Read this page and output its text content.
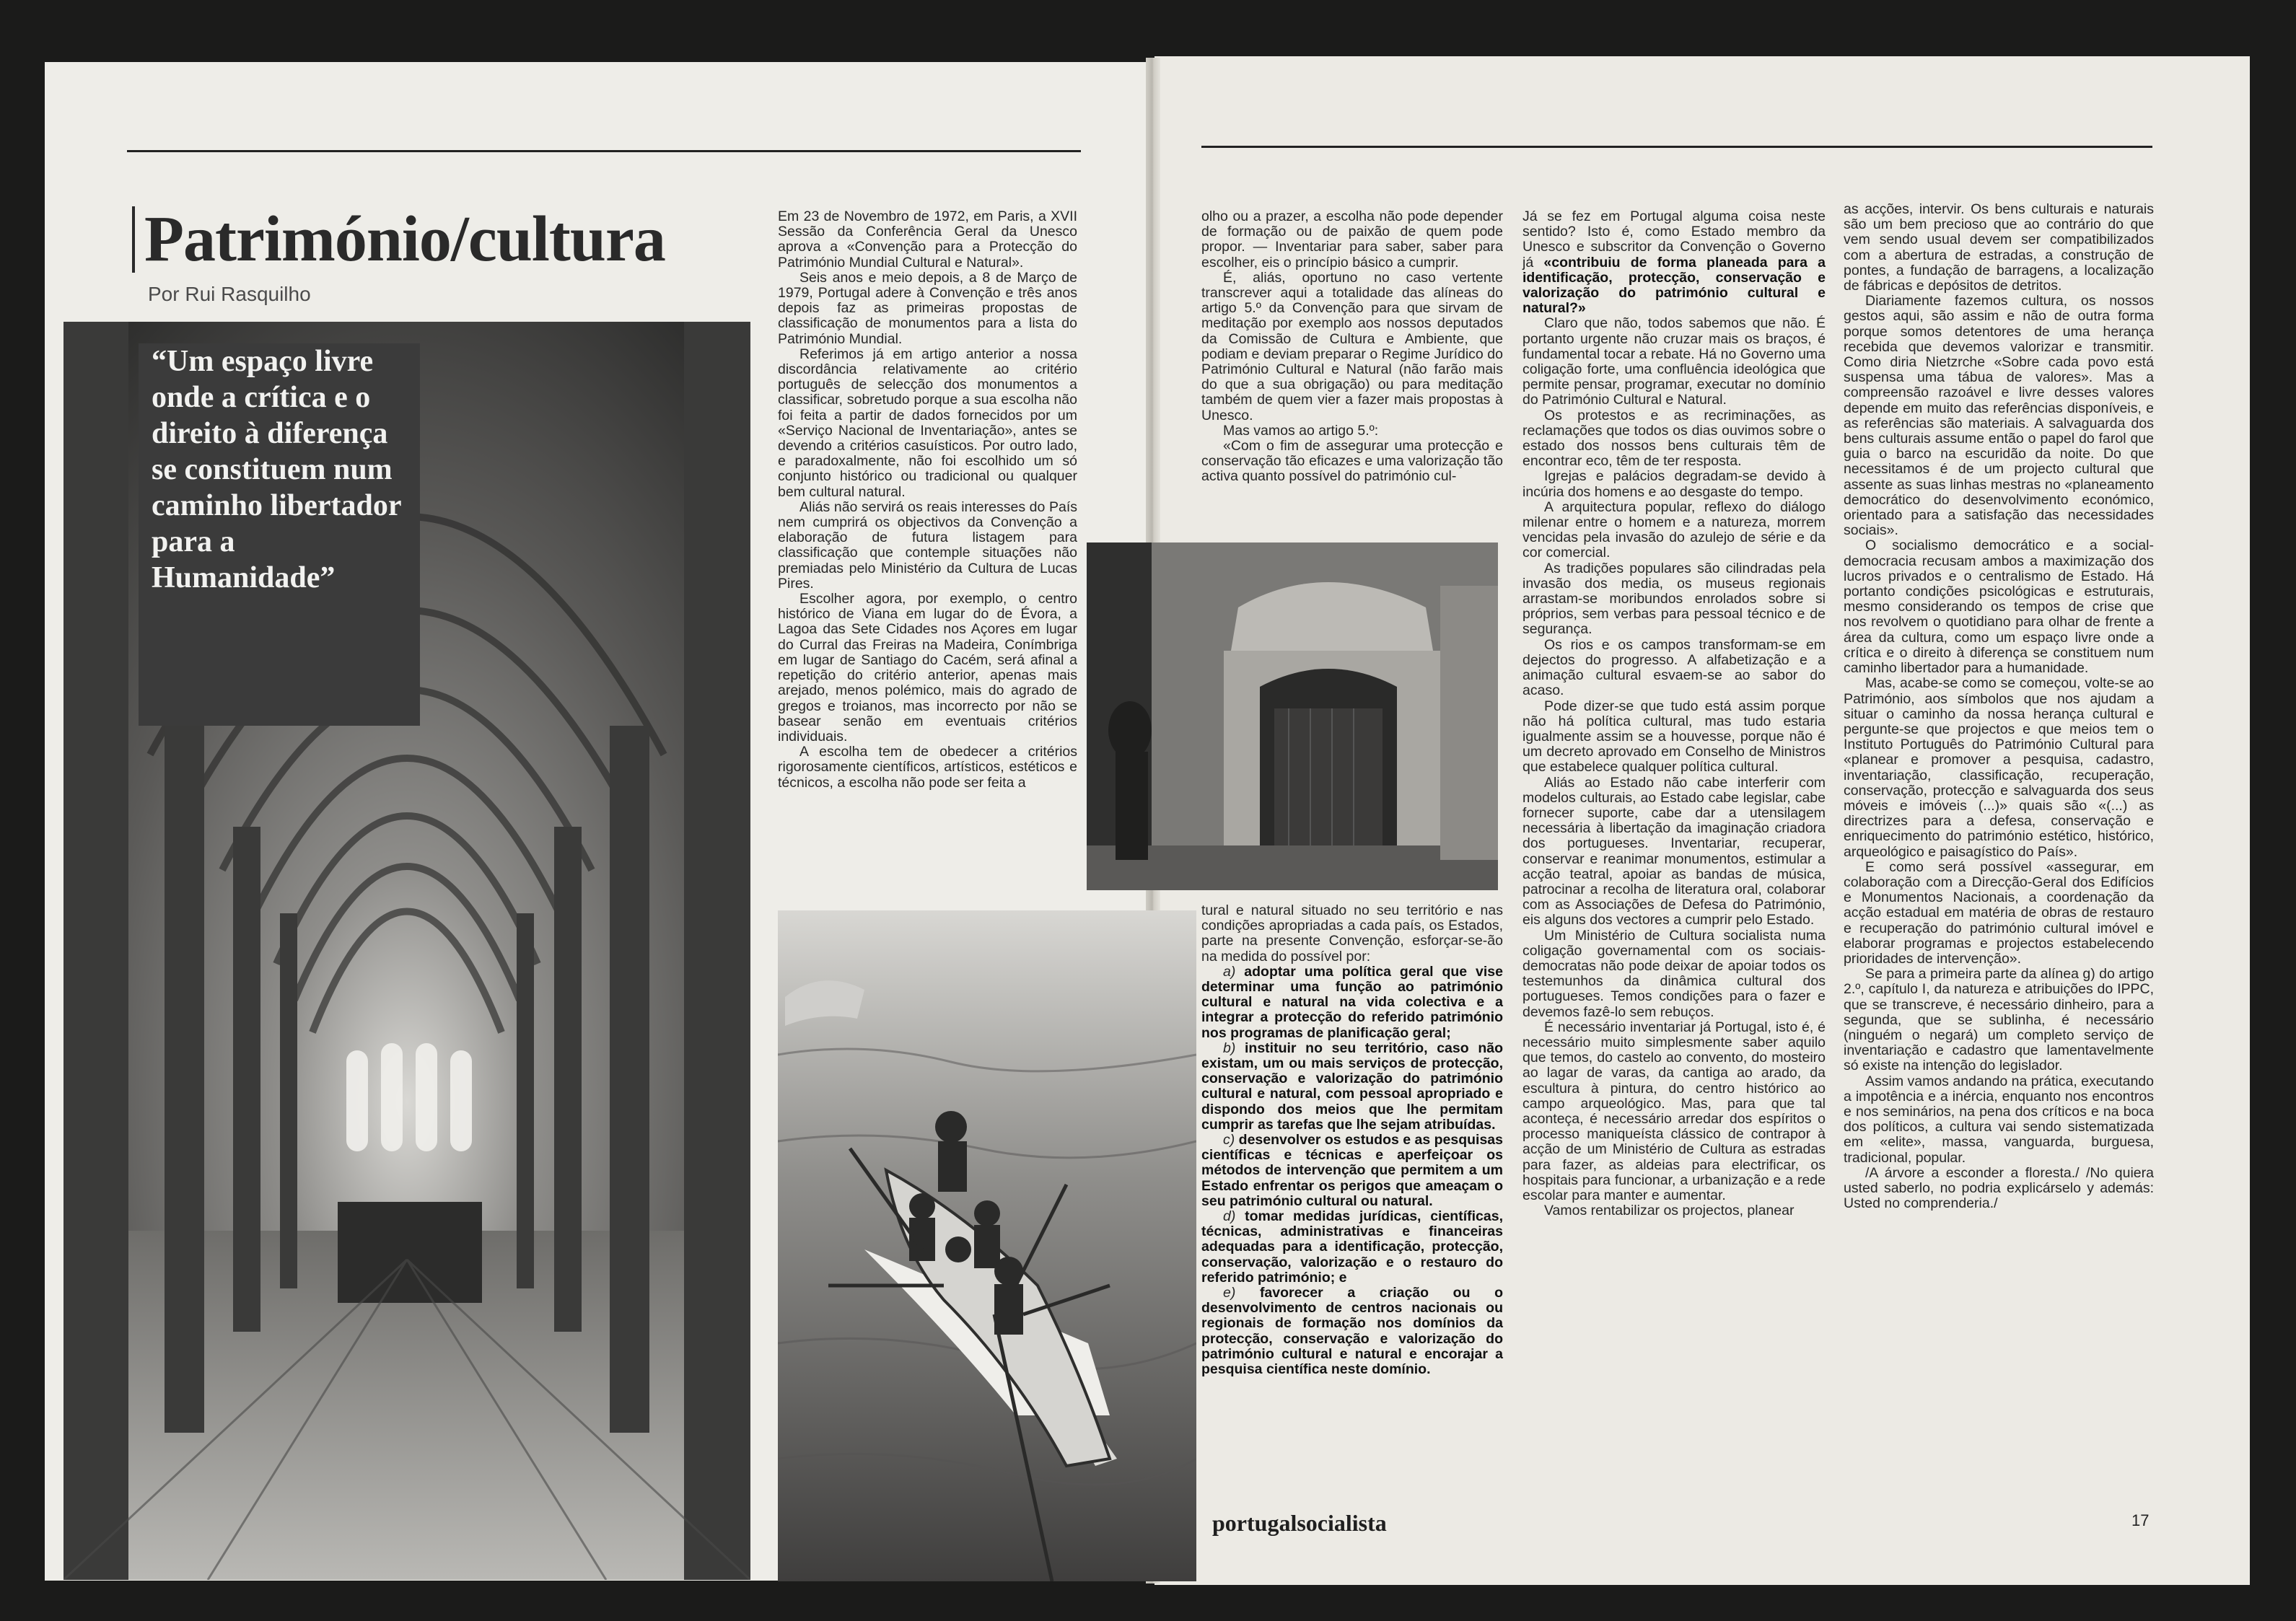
Património/cultura
Por Rui Rasquilho
“Um espaço livre onde a crítica e o direito à diferença se constituem num caminho libertador para a Humanidade”

Em 23 de Novembro de 1972, em Paris, a XVII Sessão da Conferência Geral da Unesco aprova a «Convenção para a Protecção do Património Mundial Cultural e Natural».

Seis anos e meio depois, a 8 de Março de 1979, Portugal adere à Convenção e três anos depois faz as primeiras propostas de classificação de monumentos para a lista do Património Mundial.

Referimos já em artigo anterior a nossa discordância relativamente ao critério português de selecção dos monumentos a classificar, sobretudo porque a sua escolha não foi feita a partir de dados fornecidos por um «Serviço Nacional de Inventariação», antes se devendo a critérios casuísticos. Por outro lado, e paradoxalmente, não foi escolhido um só conjunto histórico ou tradicional ou qualquer bem cultural natural.

Aliás não servirá os reais interesses do País nem cumprirá os objectivos da Convenção a elaboração de futura listagem para classificação que contemple situações não premiadas pelo Ministério da Cultura de Lucas Pires.

Escolher agora, por exemplo, o centro histórico de Viana em lugar do de Évora, a Lagoa das Sete Cidades nos Açores em lugar do Curral das Freiras na Madeira, Conímbriga em lugar de Santiago do Cacém, será afinal a repetição do critério anterior, apenas mais arejado, menos polémico, mais do agrado de gregos e troianos, mas incorrecto por não se basear senão em eventuais critérios individuais.

A escolha tem de obedecer a critérios rigorosamente científicos, artísticos, estéticos e técnicos, a escolha não pode ser feita a

olho ou a prazer, a escolha não pode depender de formação ou de paixão de quem pode propor. — Inventariar para saber, saber para escolher, eis o princípio básico a cumprir.

É, aliás, oportuno no caso vertente transcrever aqui a totalidade das alíneas do artigo 5.º da Convenção para que sirvam de meditação por exemplo aos nossos deputados da Comissão de Cultura e Ambiente, que podiam e deviam preparar o Regime Jurídico do Património Cultural e Natural (não farão mais do que a sua obrigação) ou para meditação também de quem vier a fazer mais propostas à Unesco.

Mas vamos ao artigo 5.º:

«Com o fim de assegurar uma protecção e conservação tão eficazes e uma valorização tão activa quanto possível do património cul-

tural e natural situado no seu território e nas condições apropriadas a cada país, os Estados, parte na presente Convenção, esforçar-se-ão na medida do possível por:

a) adoptar uma política geral que vise determinar uma função ao património cultural e natural na vida colectiva e a integrar a protecção do referido património nos programas de planificação geral;

b) instituir no seu território, caso não existam, um ou mais serviços de protecção, conservação e valorização do património cultural e natural, com pessoal apropriado e dispondo dos meios que lhe permitam cumprir as tarefas que lhe sejam atribuídas.

c) desenvolver os estudos e as pesquisas científicas e técnicas e aperfeiçoar os métodos de intervenção que permitem a um Estado enfrentar os perigos que ameaçam o seu património cultural ou natural.

d) tomar medidas jurídicas, científicas, técnicas, administrativas e financeiras adequadas para a identificação, protecção, conservação, valorização e o restauro do referido património; e

e) favorecer a criação ou o desenvolvimento de centros nacionais ou regionais de formação nos domínios da protecção, conservação e valorização do património cultural e natural e encorajar a pesquisa científica neste domínio.

Já se fez em Portugal alguma coisa neste sentido? Isto é, como Estado membro da Unesco e subscritor da Convenção o Governo já «contribuiu de forma planeada para a identificação, protecção, conservação e valorização do património cultural e natural?»

Claro que não, todos sabemos que não. É portanto urgente não cruzar mais os braços, é fundamental tocar a rebate. Há no Governo uma coligação forte, uma confluência ideológica que permite pensar, programar, executar no domínio do Património Cultural e Natural.

Os protestos e as recriminações, as reclamações que todos os dias ouvimos sobre o estado dos nossos bens culturais têm de encontrar eco, têm de ter resposta.

Igrejas e palácios degradam-se devido à incúria dos homens e ao desgaste do tempo.

A arquitectura popular, reflexo do diálogo milenar entre o homem e a natureza, morrem vencidas pela invasão do azulejo de série e da cor comercial.

As tradições populares são cilindradas pela invasão dos media, os museus regionais arrastam-se moribundos enrolados sobre si próprios, sem verbas para pessoal técnico e de segurança.

Os rios e os campos transformam-se em dejectos do progresso. A alfabetização e a animação cultural esvaem-se ao sabor do acaso.

Pode dizer-se que tudo está assim porque não há política cultural, mas tudo estaria igualmente assim se a houvesse, porque não é um decreto aprovado em Conselho de Ministros que estabelece qualquer política cultural.

Aliás ao Estado não cabe interferir com modelos culturais, ao Estado cabe legislar, cabe fornecer suporte, cabe dar a utensilagem necessária à libertação da imaginação criadora dos portugueses. Inventariar, recuperar, conservar e reanimar monumentos, estimular a acção teatral, apoiar as bandas de música, patrocinar a recolha de literatura oral, colaborar com as Associações de Defesa do Património, eis alguns dos vectores a cumprir pelo Estado.

Um Ministério de Cultura socialista numa coligação governamental com os sociais-democratas não pode deixar de apoiar todos os testemunhos da dinâmica cultural dos portugueses. Temos condições para o fazer e devemos fazê-lo sem rebuços.

É necessário inventariar já Portugal, isto é, é necessário muito simplesmente saber aquilo que temos, do castelo ao convento, do mosteiro ao lagar de varas, da cantiga ao arado, da escultura à pintura, do centro histórico ao campo arqueológico. Mas, para que tal aconteça, é necessário arredar dos espíritos o processo maniqueísta clássico de contrapor à acção de um Ministério de Cultura as estradas para fazer, as aldeias para electrificar, os hospitais para funcionar, a urbanização e a rede escolar para manter e aumentar.

Vamos rentabilizar os projectos, planear

as acções, intervir. Os bens culturais e naturais são um bem precioso que ao contrário do que vem sendo usual devem ser compatibilizados com a abertura de estradas, a construção de pontes, a fundação de barragens, a localização de fábricas e depósitos de detritos.

Diariamente fazemos cultura, os nossos gestos aqui, são assim e não de outra forma porque somos detentores de uma herança recebida que devemos valorizar e transmitir. Como diria Nietzrche «Sobre cada povo está suspensa uma tábua de valores». Mas a compreensão razoável e livre desses valores depende em muito das referências disponíveis, e as referências são materiais. A salvaguarda dos bens culturais assume então o papel do farol que guia o barco na escuridão da noite. Do que necessitamos é de um projecto cultural que assente as suas linhas mestras no «planeamento democrático do desenvolvimento económico, orientado para a satisfação das necessidades sociais».

O socialismo democrático e a social-democracia recusam ambos a maximização dos lucros privados e o centralismo de Estado. Há portanto condições psicológicas e estruturais, mesmo considerando os tempos de crise que nos revolvem o quotidiano para olhar de frente a área da cultura, como um espaço livre onde a crítica e o direito à diferença se constituem num caminho libertador para a humanidade.

Mas, acabe-se como se começou, volte-se ao Património, aos símbolos que nos ajudam a situar o caminho da nossa herança cultural e pergunte-se que projectos e que meios tem o Instituto Português do Património Cultural para «planear e promover a pesquisa, cadastro, inventariação, classificação, recuperação, conservação, protecção e salvaguarda dos seus móveis e imóveis (...)» quais são «(...) as directrizes para a defesa, conservação e enriquecimento do património estético, histórico, arqueológico e paisagístico do País».

E como será possível «assegurar, em colaboração com a Direcção-Geral dos Edifícios e Monumentos Nacionais, a coordenação da acção estadual em matéria de obras de restauro e recuperação do património cultural imóvel e elaborar programas e projectos estabelecendo prioridades de intervenção».

Se para a primeira parte da alínea g) do artigo 2.º, capítulo I, da natureza e atribuições do IPPC, que se transcreve, é necessário dinheiro, para a segunda, que se sublinha, é necessário (ninguém o negará) um completo serviço de inventariação e cadastro que lamentavelmente só existe na intenção do legislador.

Assim vamos andando na prática, executando a impotência e a inércia, enquanto nos encontros e nos seminários, na pena dos críticos e na boca dos políticos, a cultura vai sendo sistematizada em «elite», massa, vanguarda, burguesa, tradicional, popular.

/A árvore a esconder a floresta./ /No quiera usted saberlo, no podria explicárselo y además: Usted no comprenderia./

portugalsocialista	17
